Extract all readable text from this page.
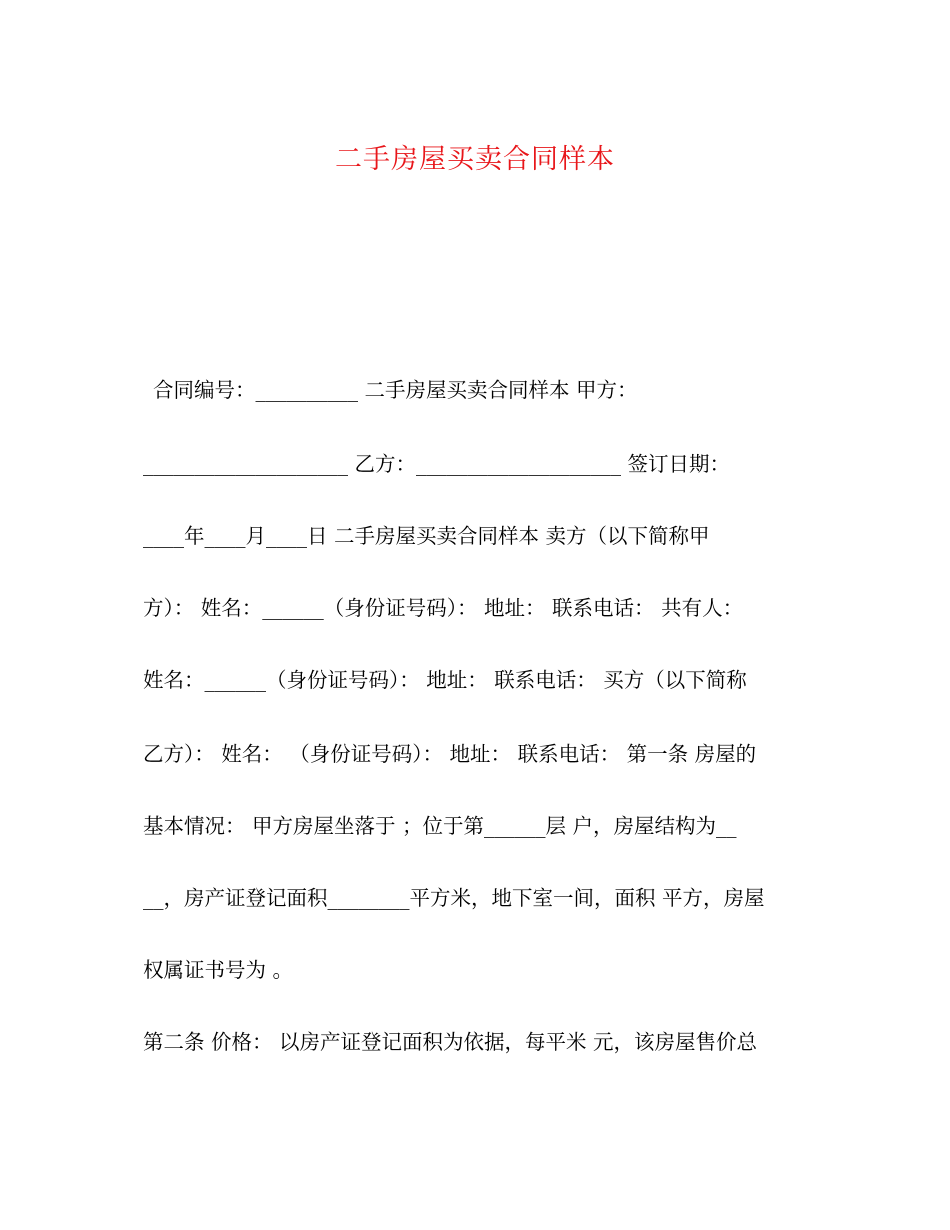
二手房屋买卖合同样本
合同编号：__________ 二手房屋买卖合同样本 甲方：
____________________ 乙方：____________________ 签订日期：
____年____月____日 二手房屋买卖合同样本 卖方（以下简称甲
方）： 姓名：______（身份证号码）： 地址： 联系电话： 共有人：
姓名：______（身份证号码）： 地址： 联系电话： 买方（以下简称
乙方）： 姓名： （身份证号码）： 地址： 联系电话： 第一条 房屋的
基本情况： 甲方房屋坐落于 ；位于第______层 户，房屋结构为__
__，房产证登记面积________平方米，地下室一间，面积 平方，房屋
权属证书号为 。
第二条 价格： 以房产证登记面积为依据，每平米 元，该房屋售价总
